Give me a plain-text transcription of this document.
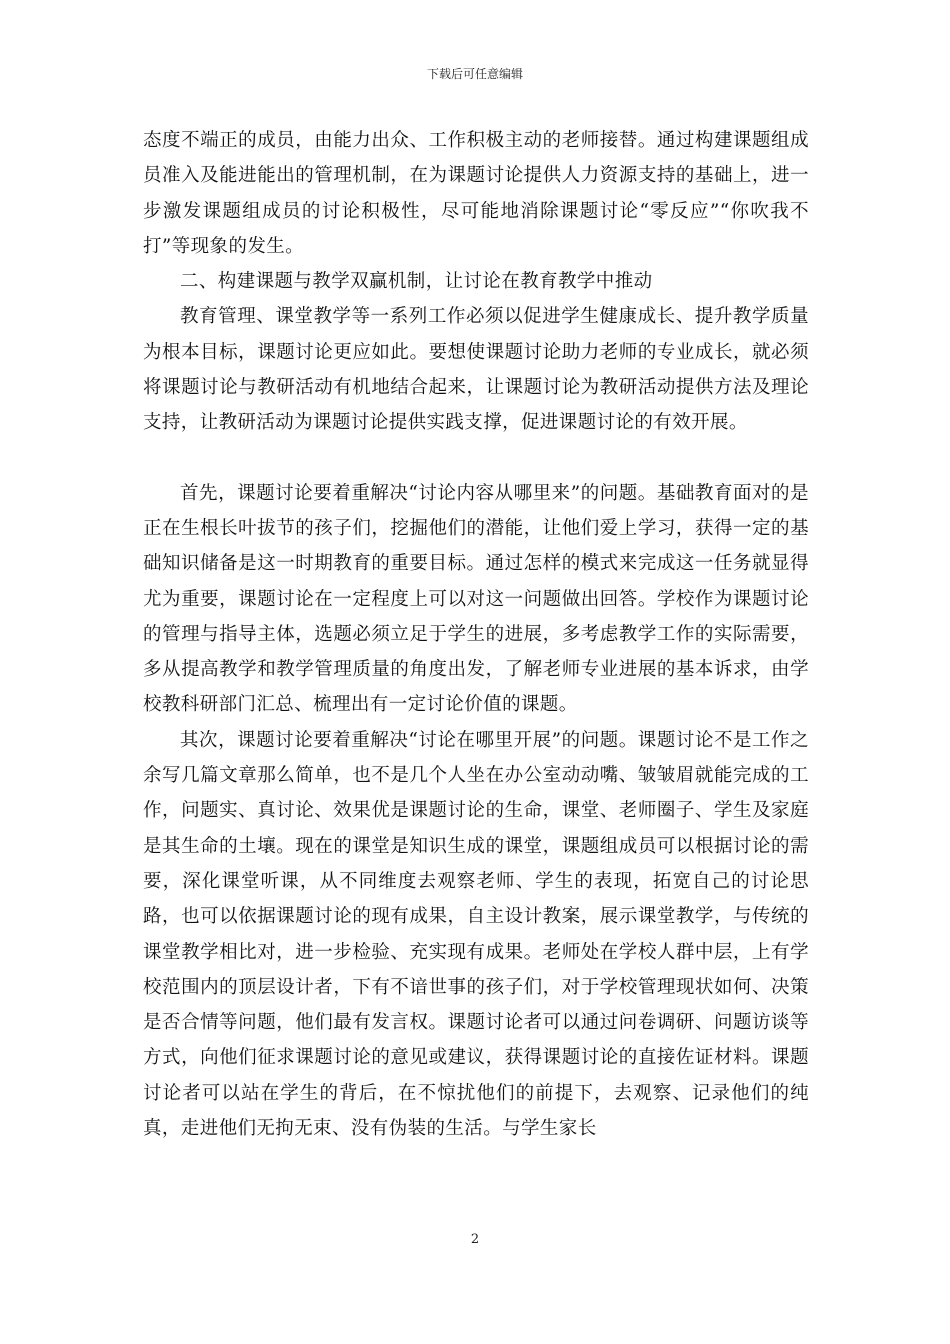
下载后可任意编辑

态度不端正的成员，由能力出众、工作积极主动的老师接替。通过构建课题组成员准入及能进能出的管理机制，在为课题讨论提供人力资源支持的基础上，进一步激发课题组成员的讨论积极性，尽可能地消除课题讨论“零反应”“你吹我不打”等现象的发生。

二、构建课题与教学双赢机制，让讨论在教育教学中推动

教育管理、课堂教学等一系列工作必须以促进学生健康成长、提升教学质量为根本目标，课题讨论更应如此。要想使课题讨论助力老师的专业成长，就必须将课题讨论与教研活动有机地结合起来，让课题讨论为教研活动提供方法及理论支持，让教研活动为课题讨论提供实践支撑，促进课题讨论的有效开展。

首先，课题讨论要着重解决“讨论内容从哪里来”的问题。基础教育面对的是正在生根长叶拔节的孩子们，挖掘他们的潜能，让他们爱上学习，获得一定的基础知识储备是这一时期教育的重要目标。通过怎样的模式来完成这一任务就显得尤为重要，课题讨论在一定程度上可以对这一问题做出回答。学校作为课题讨论的管理与指导主体，选题必须立足于学生的进展，多考虑教学工作的实际需要，多从提高教学和教学管理质量的角度出发，了解老师专业进展的基本诉求，由学校教科研部门汇总、梳理出有一定讨论价值的课题。

其次，课题讨论要着重解决“讨论在哪里开展”的问题。课题讨论不是工作之余写几篇文章那么简单，也不是几个人坐在办公室动动嘴、皱皱眉就能完成的工作，问题实、真讨论、效果优是课题讨论的生命，课堂、老师圈子、学生及家庭是其生命的土壤。现在的课堂是知识生成的课堂，课题组成员可以根据讨论的需要，深化课堂听课，从不同维度去观察老师、学生的表现，拓宽自己的讨论思路，也可以依据课题讨论的现有成果，自主设计教案，展示课堂教学，与传统的课堂教学相比对，进一步检验、充实现有成果。老师处在学校人群中层，上有学校范围内的顶层设计者，下有不谙世事的孩子们，对于学校管理现状如何、决策是否合情等问题，他们最有发言权。课题讨论者可以通过问卷调研、问题访谈等方式，向他们征求课题讨论的意见或建议，获得课题讨论的直接佐证材料。课题讨论者可以站在学生的背后，在不惊扰他们的前提下，去观察、记录他们的纯真，走进他们无拘无束、没有伪装的生活。与学生家长

2
